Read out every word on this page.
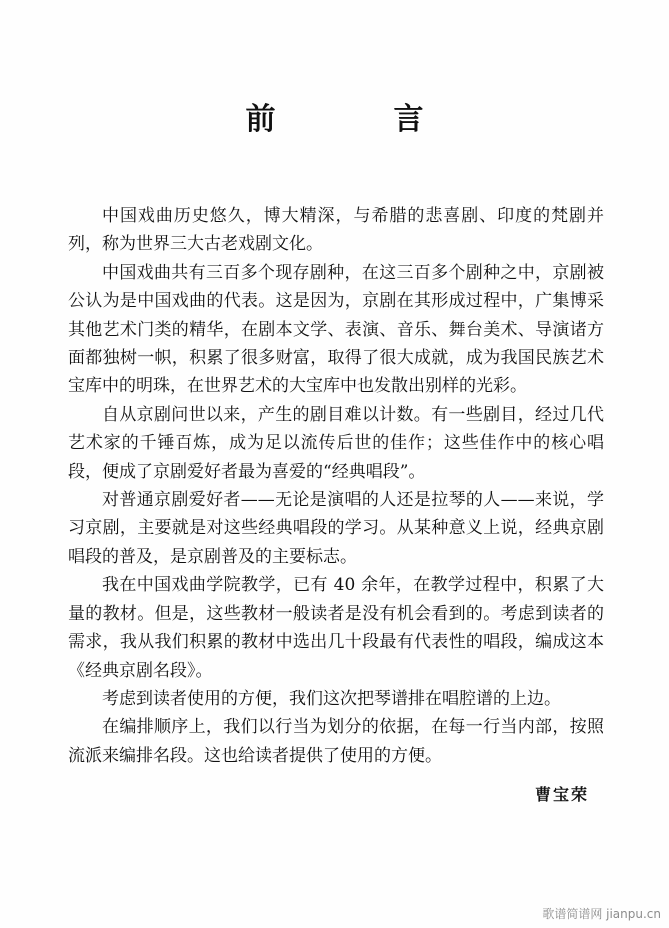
前　言

中国戏曲历史悠久，博大精深，与希腊的悲喜剧、印度的梵剧并列，称为世界三大古老戏剧文化。

中国戏曲共有三百多个现存剧种，在这三百多个剧种之中，京剧被公认为是中国戏曲的代表。这是因为，京剧在其形成过程中，广集博采其他艺术门类的精华，在剧本文学、表演、音乐、舞台美术、导演诸方面都独树一帜，积累了很多财富，取得了很大成就，成为我国民族艺术宝库中的明珠，在世界艺术的大宝库中也发散出别样的光彩。

自从京剧问世以来，产生的剧目难以计数。有一些剧目，经过几代艺术家的千锤百炼，成为足以流传后世的佳作；这些佳作中的核心唱段，便成了京剧爱好者最为喜爱的“经典唱段”。

对普通京剧爱好者——无论是演唱的人还是拉琴的人——来说，学习京剧，主要就是对这些经典唱段的学习。从某种意义上说，经典京剧唱段的普及，是京剧普及的主要标志。

我在中国戏曲学院教学，已有 40 余年，在教学过程中，积累了大量的教材。但是，这些教材一般读者是没有机会看到的。考虑到读者的需求，我从我们积累的教材中选出几十段最有代表性的唱段，编成这本《经典京剧名段》。

考虑到读者使用的方便，我们这次把琴谱排在唱腔谱的上边。

在编排顺序上，我们以行当为划分的依据，在每一行当内部，按照流派来编排名段。这也给读者提供了使用的方便。

曹宝荣
歌谱简谱网 jianpu.cn
